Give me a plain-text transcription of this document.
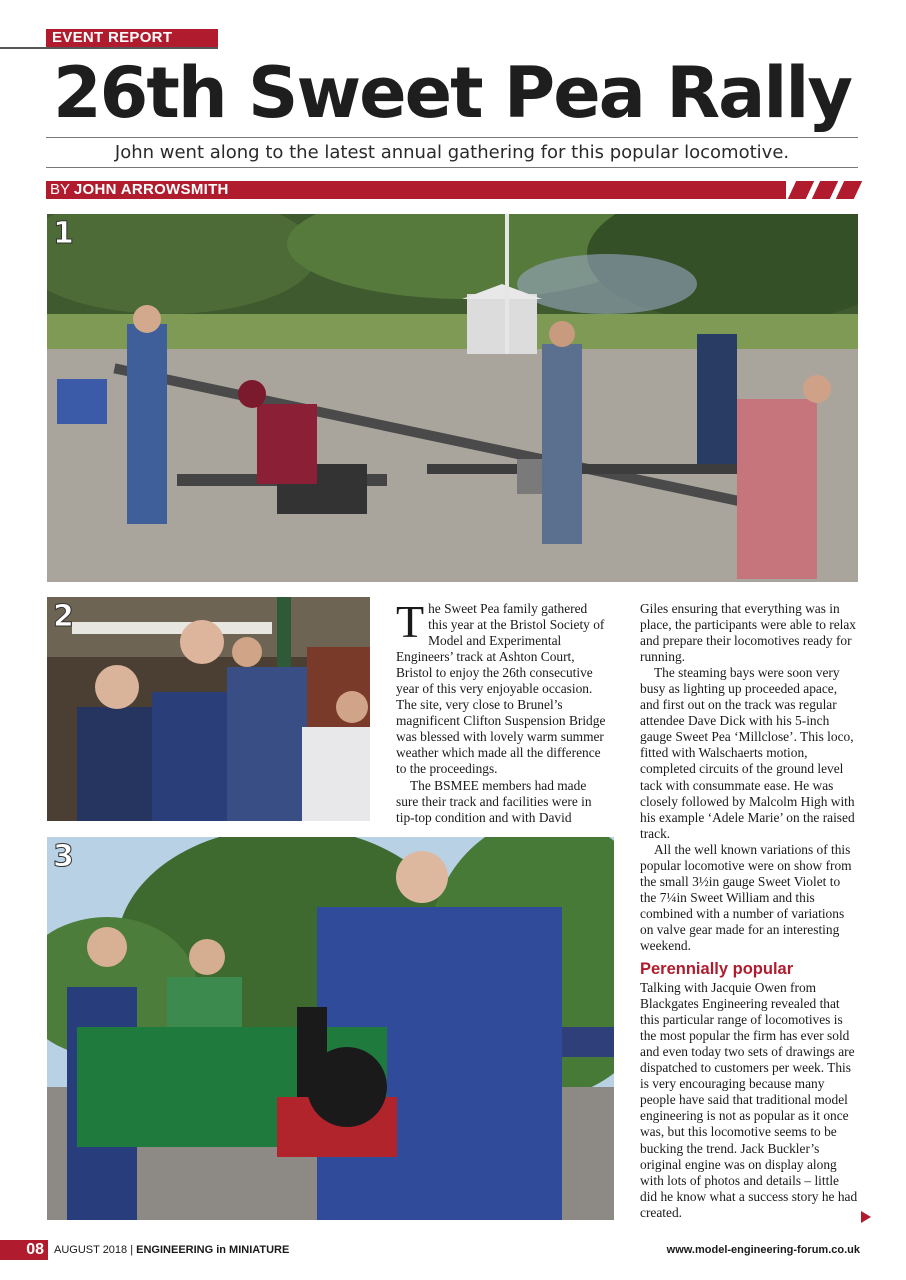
EVENT REPORT
26th Sweet Pea Rally
John went along to the latest annual gathering for this popular locomotive.
BY JOHN ARROWSMITH
1
2
3

The Sweet Pea family gathered this year at the Bristol Society of Model and Experimental Engineers’ track at Ashton Court, Bristol to enjoy the 26th consecutive year of this very enjoyable occasion. The site, very close to Brunel’s magnificent Clifton Suspension Bridge was blessed with lovely warm summer weather which made all the difference to the proceedings.

The BSMEE members had made sure their track and facilities were in tip-top condition and with David

Giles ensuring that everything was in place, the participants were able to relax and prepare their locomotives ready for running.

The steaming bays were soon very busy as lighting up proceeded apace, and first out on the track was regular attendee Dave Dick with his 5-inch gauge Sweet Pea ‘Millclose’. This loco, fitted with Walschaerts motion, completed circuits of the ground level tack with consummate ease. He was closely followed by Malcolm High with his example ‘Adele Marie’ on the raised track.

All the well known variations of this popular locomotive were on show from the small 3½in gauge Sweet Violet to the 7¼in Sweet William and this combined with a number of variations on valve gear made for an interesting weekend.

Perennially popular

Talking with Jacquie Owen from Blackgates Engineering revealed that this particular range of locomotives is the most popular the firm has ever sold and even today two sets of drawings are dispatched to customers per week. This is very encouraging because many people have said that traditional model engineering is not as popular as it once was, but this locomotive seems to be bucking the trend. Jack Buckler’s original engine was on display along with lots of photos and details – little did he know what a success story he had created.

08 AUGUST 2018 | ENGINEERING in MINIATURE	www.model-engineering-forum.co.uk
